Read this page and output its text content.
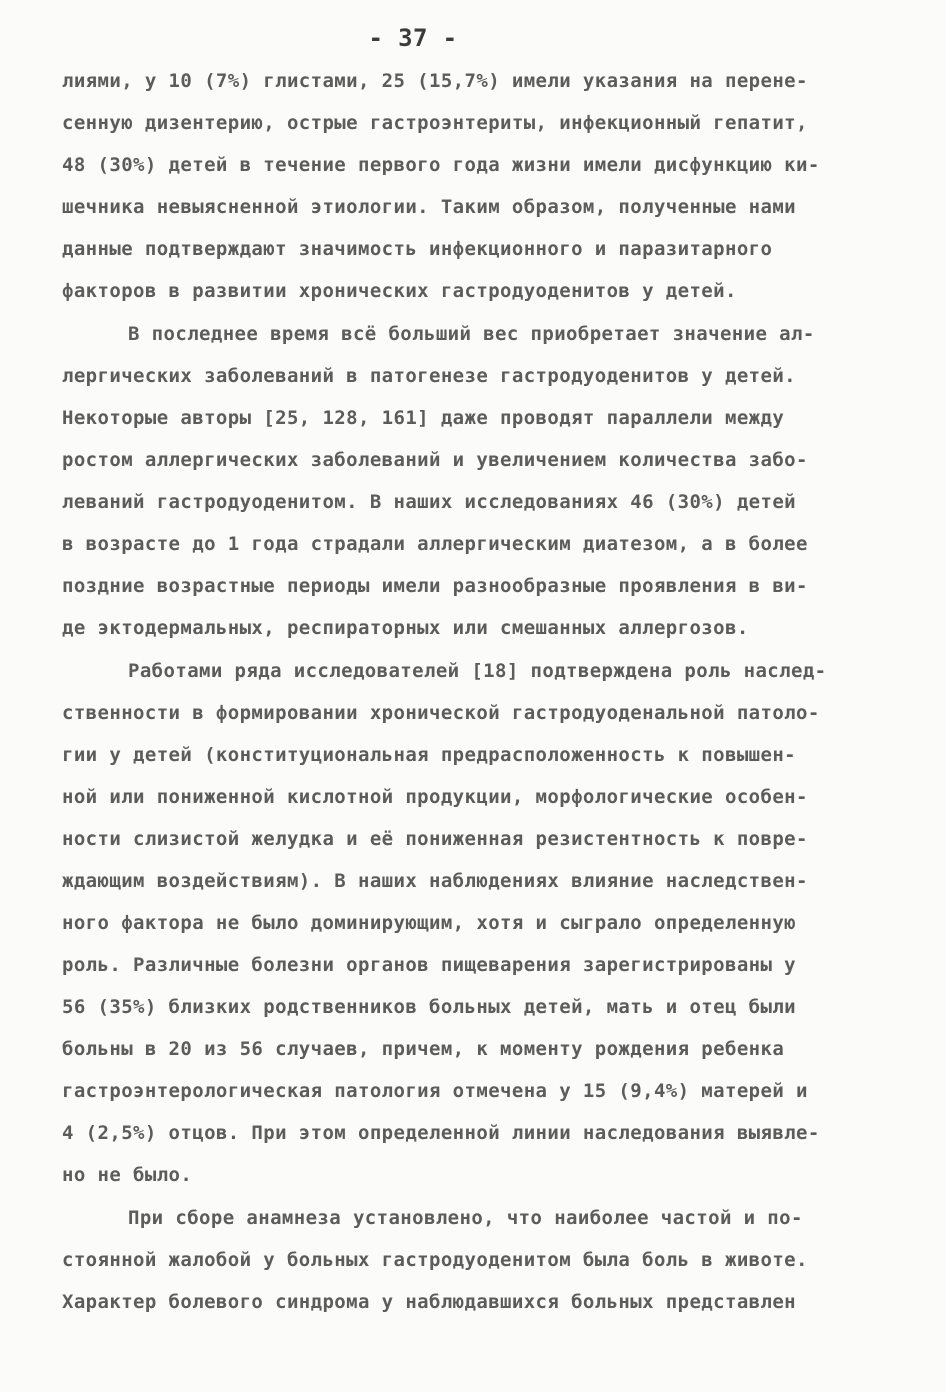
- 37 -
лиями, у 10 (7%) глистами, 25 (15,7%) имели указания на перене-
сенную дизентерию, острые гастроэнтериты, инфекционный гепатит,
48 (30%) детей в течение первого года жизни имели дисфункцию ки-
шечника невыясненной этиологии. Таким образом, полученные нами
данные подтверждают значимость инфекционного и паразитарного
факторов в развитии хронических гастродуоденитов у детей.
В последнее время всё больший вес приобретает значение ал-
лергических заболеваний в патогенезе гастродуоденитов у детей.
Некоторые авторы [25, 128, 161] даже проводят параллели между
ростом аллергических заболеваний и увеличением количества забо-
леваний гастродуоденитом. В наших исследованиях 46 (30%) детей
в возрасте до 1 года страдали аллергическим диатезом, а в более
поздние возрастные периоды имели разнообразные проявления в ви-
де эктодермальных, респираторных или смешанных аллергозов.
Работами ряда исследователей [18] подтверждена роль наслед-
ственности в формировании хронической гастродуоденальной патоло-
гии у детей (конституциональная предрасположенность к повышен-
ной или пониженной кислотной продукции, морфологические особен-
ности слизистой желудка и её пониженная резистентность к повре-
ждающим воздействиям). В наших наблюдениях влияние наследствен-
ного фактора не было доминирующим, хотя и сыграло определенную
роль. Различные болезни органов пищеварения зарегистрированы у
56 (35%) близких родственников больных детей, мать и отец были
больны в 20 из 56 случаев, причем, к моменту рождения ребенка
гастроэнтерологическая патология отмечена у 15 (9,4%) матерей и
4 (2,5%) отцов. При этом определенной линии наследования выявле-
но не было.
При сборе анамнеза установлено, что наиболее частой и по-
стоянной жалобой у больных гастродуоденитом была боль в животе.
Характер болевого синдрома у наблюдавшихся больных представлен
